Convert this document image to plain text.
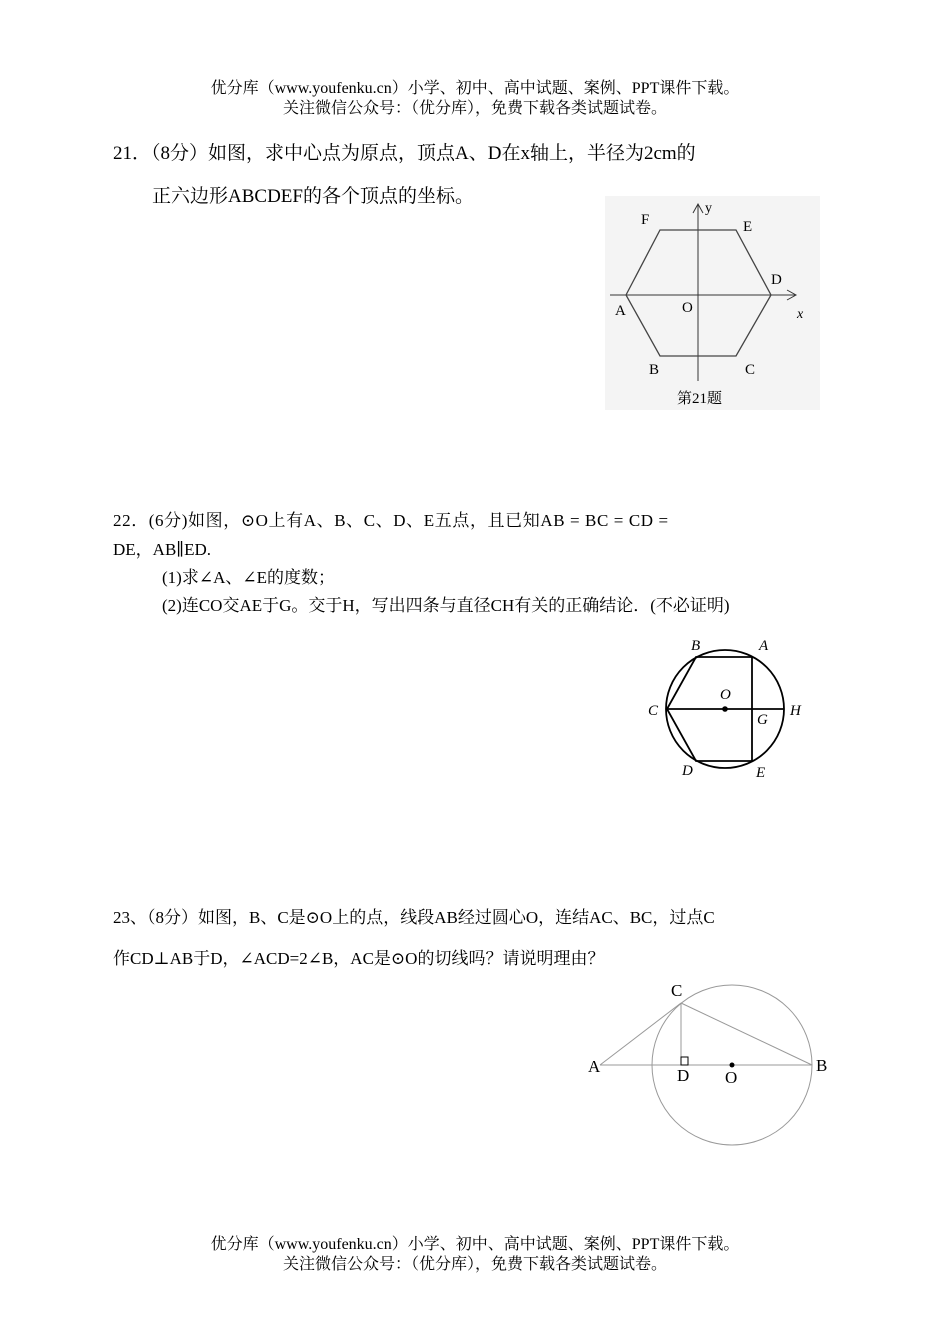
优分库（www.youfenku.cn）小学、初中、高中试题、案例、PPT课件下载。
关注微信公众号：（优分库），免费下载各类试题试卷。
21．（8分）如图，求中心点为原点，顶点A、D在x轴上，半径为2cm的
正六边形ABCDEF的各个顶点的坐标。
F	E
y
D
A	O	x
B	C
第21题
22．(6分)如图，⊙O上有A、B、C、D、E五点，且已知AB = BC = CD =
DE，AB∥ED.
(1)求∠A、∠E的度数；
(2)连CO交AE于G。交于H，写出四条与直径CH有关的正确结论．(不必证明)
B	A
O
C	H
G
D	E
23、（8分）如图，B、C是⊙O上的点，线段AB经过圆心O，连结AC、BC，过点C
作CD⊥AB于D，∠ACD=2∠B，AC是⊙O的切线吗？请说明理由？
C
A	D O
B
优分库（www.youfenku.cn）小学、初中、高中试题、案例、PPT课件下载。
关注微信公众号：（优分库），免费下载各类试题试卷。
